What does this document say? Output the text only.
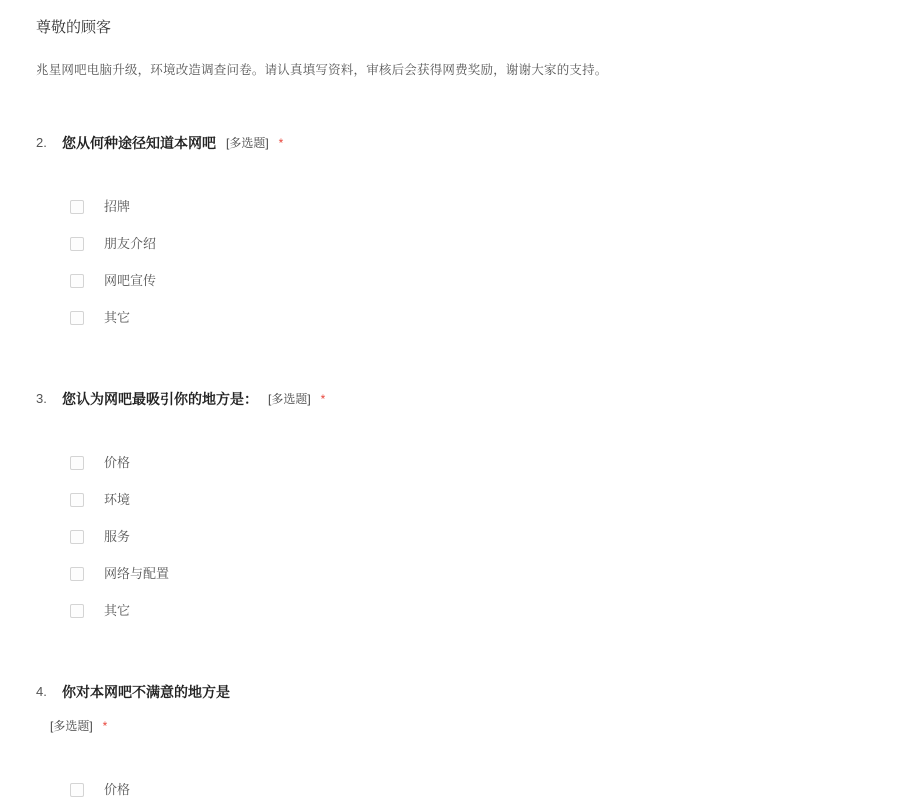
尊敬的顾客
兆星网吧电脑升级，环境改造调查问卷。请认真填写资料，审核后会获得网费奖励，谢谢大家的支持。
2.	您从何种途径知道本网吧 [多选题] *
招牌
朋友介绍
网吧宣传
其它
3.	您认为网吧最吸引你的地方是： [多选题] *
价格
环境
服务
网络与配置
其它
4.	你对本网吧不满意的地方是
[多选题] *
价格
